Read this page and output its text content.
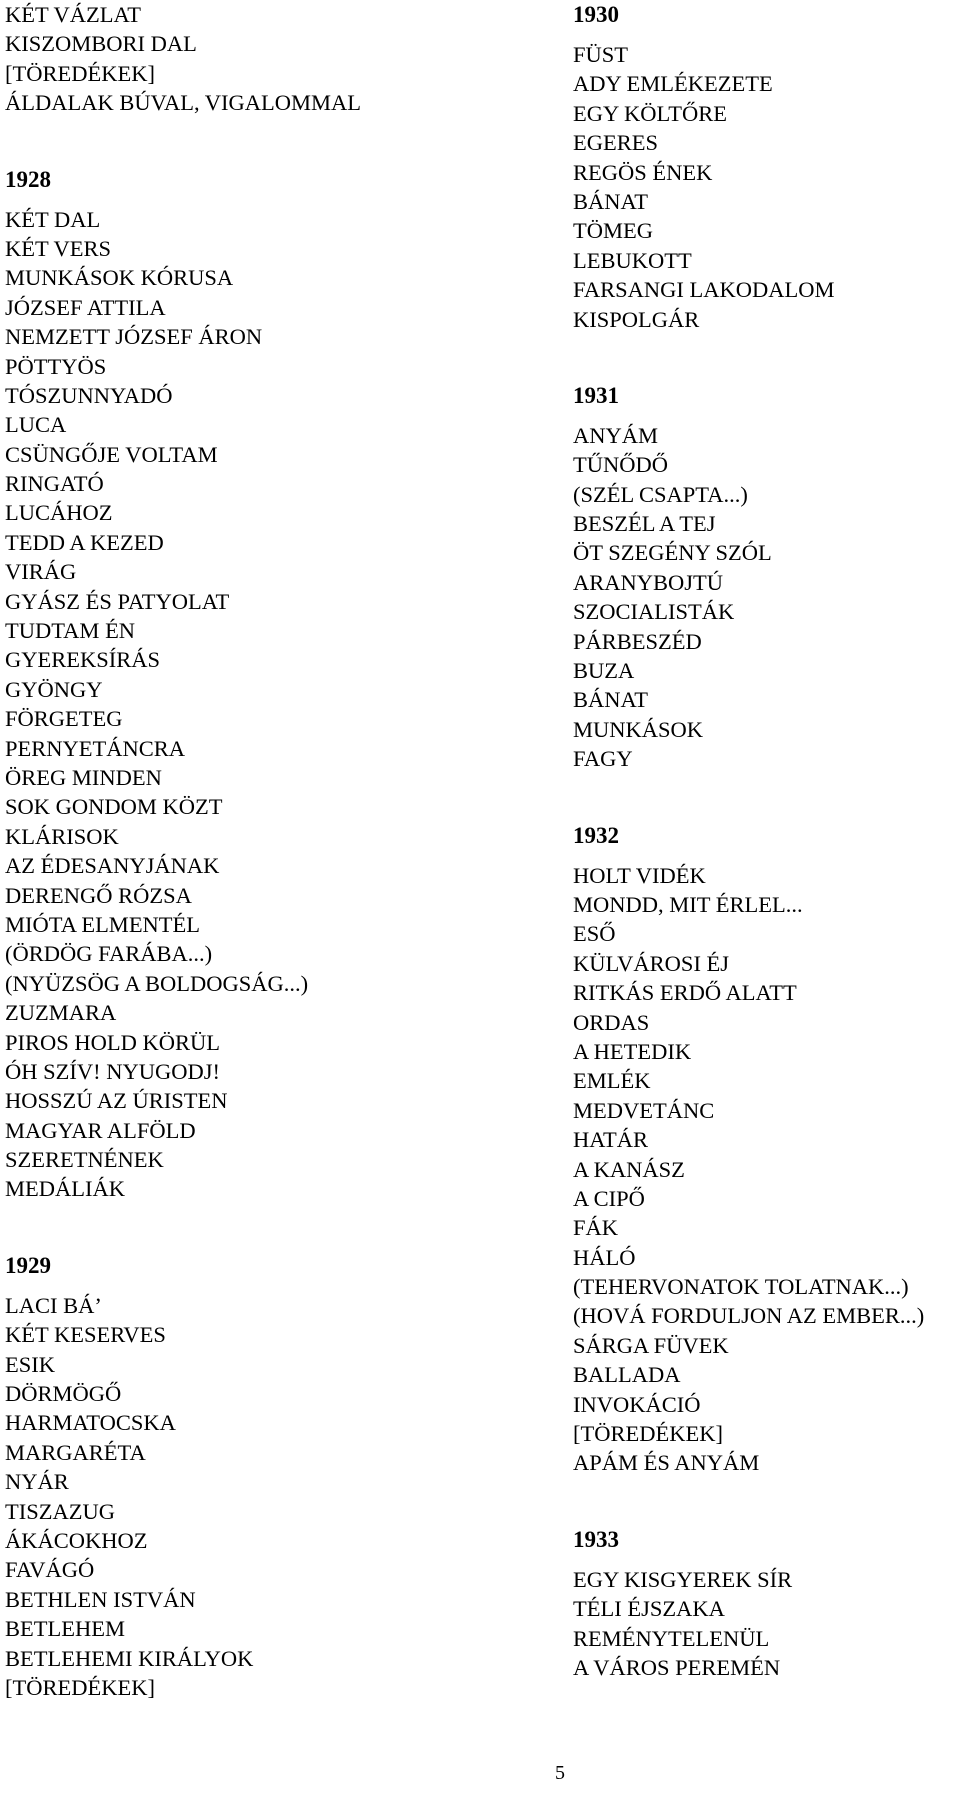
KÉT VÁZLAT
KISZOMBORI DAL
[TÖREDÉKEK]
ÁLDALAK BÚVAL, VIGALOMMAL
1928
KÉT DAL
KÉT VERS
MUNKÁSOK KÓRUSA
JÓZSEF ATTILA
NEMZETT JÓZSEF ÁRON
PÖTTYÖS
TÓSZUNNYADÓ
LUCA
CSÜNGŐJE VOLTAM
RINGATÓ
LUCÁHOZ
TEDD A KEZED
VIRÁG
GYÁSZ ÉS PATYOLAT
TUDTAM ÉN
GYEREKSÍRÁS
GYÖNGY
FÖRGETEG
PERNYETÁNCRA
ÖREG MINDEN
SOK GONDOM KÖZT
KLÁRISOK
AZ ÉDESANYJÁNAK
DERENGŐ RÓZSA
MIÓTA ELMENTÉL
(ÖRDÖG FARÁBA...)
(NYÜZSÖG A BOLDOGSÁG...)
ZUZMARA
PIROS HOLD KÖRÜL
ÓH SZÍV! NYUGODJ!
HOSSZÚ AZ ÚRISTEN
MAGYAR ALFÖLD
SZERETNÉNEK
MEDÁLIÁK
1929
LACI BÁ’
KÉT KESERVES
ESIK
DÖRMÖGŐ
HARMATOCSKA
MARGARÉTA
NYÁR
TISZAZUG
ÁKÁCOKHOZ
FAVÁGÓ
BETHLEN ISTVÁN
BETLEHEM
BETLEHEMI KIRÁLYOK
[TÖREDÉKEK]
1930
FÜST
ADY EMLÉKEZETE
EGY KÖLTŐRE
EGERES
REGÖS ÉNEK
BÁNAT
TÖMEG
LEBUKOTT
FARSANGI LAKODALOM
KISPOLGÁR
1931
ANYÁM
TŰNŐDŐ
(SZÉL CSAPTA...)
BESZÉL A TEJ
ÖT SZEGÉNY SZÓL
ARANYBOJTÚ
SZOCIALISTÁK
PÁRBESZÉD
BUZA
BÁNAT
MUNKÁSOK
FAGY
1932
HOLT VIDÉK
MONDD, MIT ÉRLEL...
ESŐ
KÜLVÁROSI ÉJ
RITKÁS ERDŐ ALATT
ORDAS
A HETEDIK
EMLÉK
MEDVETÁNC
HATÁR
A KANÁSZ
A CIPŐ
FÁK
HÁLÓ
(TEHERVONATOK TOLATNAK...)
(HOVÁ FORDULJON AZ EMBER...)
SÁRGA FÜVEK
BALLADA
INVOKÁCIÓ
[TÖREDÉKEK]
APÁM ÉS ANYÁM
1933
EGY KISGYEREK SÍR
TÉLI ÉJSZAKA
REMÉNYTELENÜL
A VÁROS PEREMÉN
5
